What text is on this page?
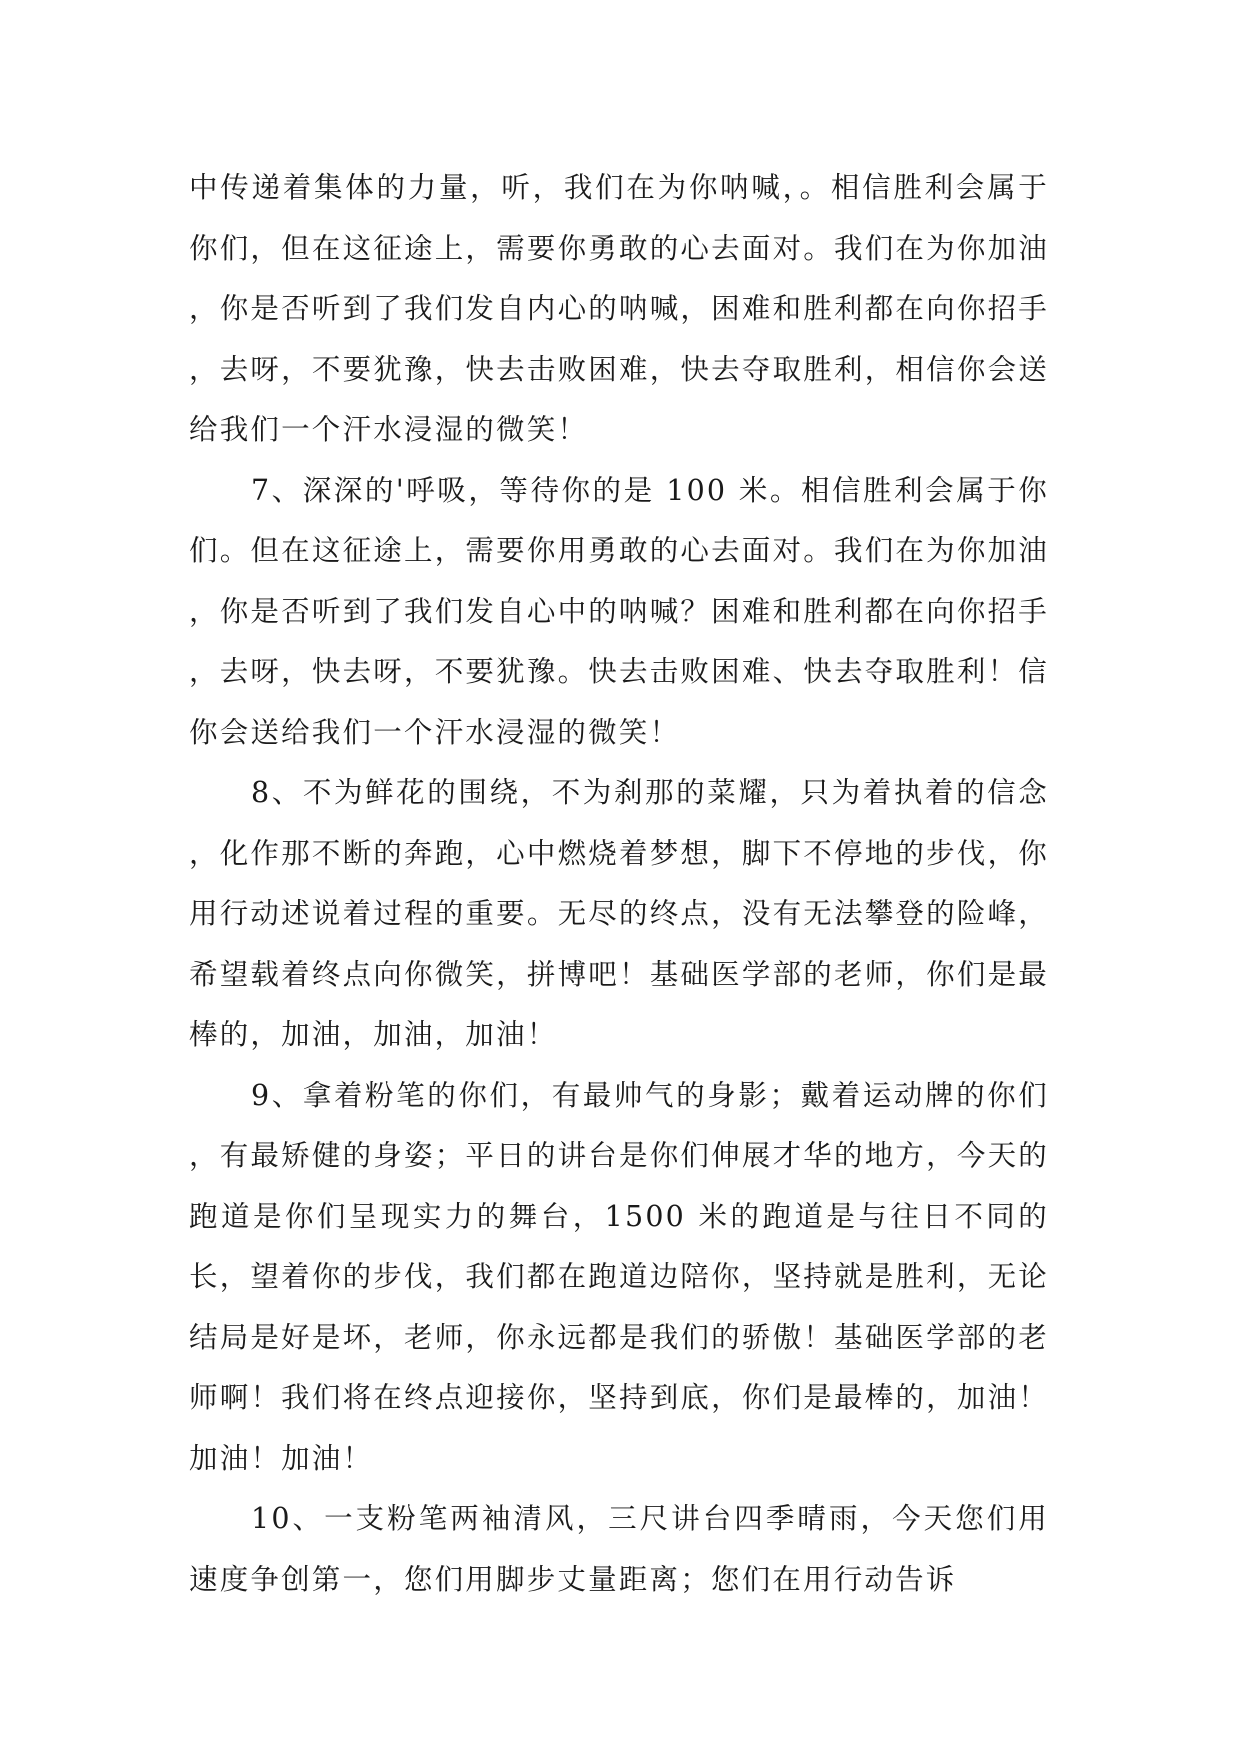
中传递着集体的力量，听，我们在为你呐喊，。相信胜利会属于你们，但在这征途上，需要你勇敢的心去面对。我们在为你加油，你是否听到了我们发自内心的呐喊，困难和胜利都在向你招手，去呀，不要犹豫，快去击败困难，快去夺取胜利，相信你会送给我们一个汗水浸湿的微笑！

7、深深的'呼吸，等待你的是 100 米。相信胜利会属于你们。但在这征途上，需要你用勇敢的心去面对。我们在为你加油，你是否听到了我们发自心中的呐喊？困难和胜利都在向你招手，去呀，快去呀，不要犹豫。快去击败困难、快去夺取胜利！信你会送给我们一个汗水浸湿的微笑！

8、不为鲜花的围绕，不为刹那的菜耀，只为着执着的信念，化作那不断的奔跑，心中燃烧着梦想，脚下不停地的步伐，你用行动述说着过程的重要。无尽的终点，没有无法攀登的险峰，希望载着终点向你微笑，拼博吧！基础医学部的老师，你们是最棒的，加油，加油，加油！

9、拿着粉笔的你们，有最帅气的身影；戴着运动牌的你们，有最矫健的身姿；平日的讲台是你们伸展才华的地方，今天的跑道是你们呈现实力的舞台，1500 米的跑道是与往日不同的长，望着你的步伐，我们都在跑道边陪你，坚持就是胜利，无论结局是好是坏，老师，你永远都是我们的骄傲！基础医学部的老师啊！我们将在终点迎接你，坚持到底，你们是最棒的，加油！加油！加油！

10、一支粉笔两袖清风，三尺讲台四季晴雨，今天您们用速度争创第一，您们用脚步丈量距离；您们在用行动告诉
